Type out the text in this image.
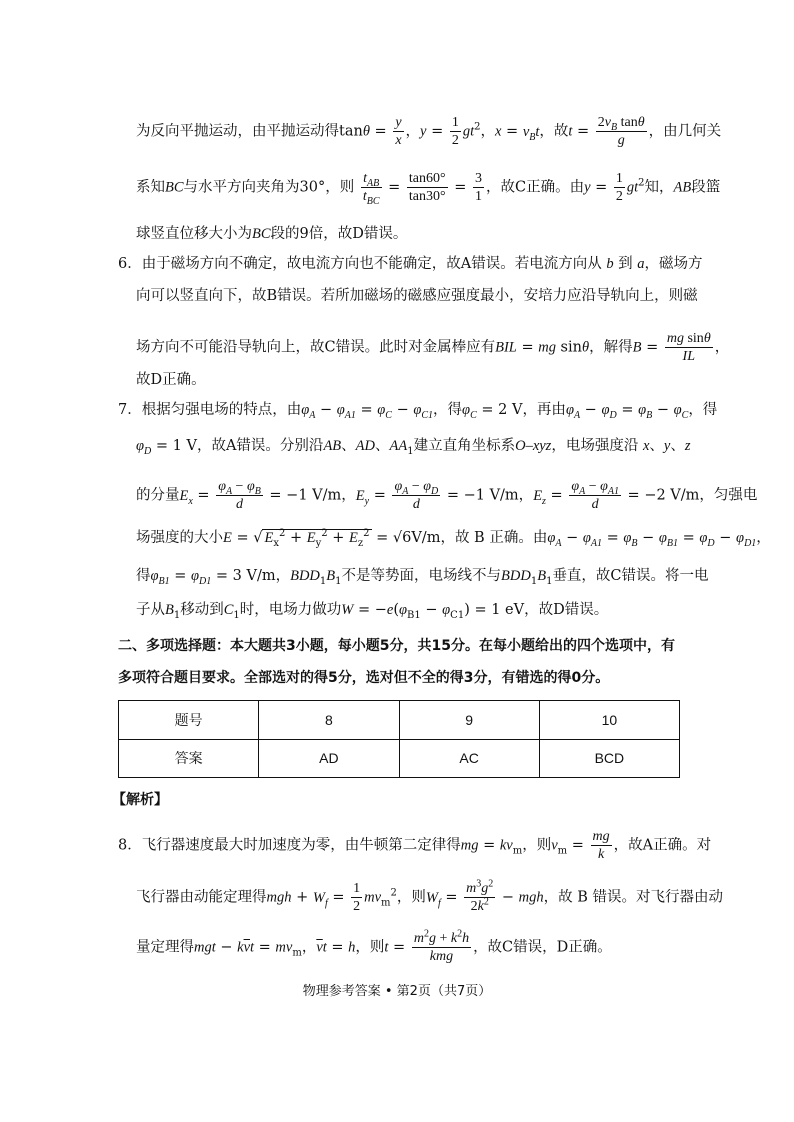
为反向平抛运动，由平抛运动得$\tan\theta = \frac{y}{x}$ ，$y = \frac{1}{2} gt^2$，$x = v_Bt$，故$t = \frac{2v_B \tan\theta}{g}$ ，由几何关
系知BC与水平方向夹角为30°，则 $\frac{t_{AB}}{t_{BC}} = \frac{\tan 60^\circ}{\tan 30^\circ} = \frac{3}{1}$ ，故C正确。由$y = \frac{1}{2} gt^2$知，AB段篮
球竖直位移大小为BC段的9倍，故D错误。
6．由于磁场方向不确定，故电流方向也不能确定，故A错误。若电流方向从 b 到 a，磁场方
向可以竖直向下，故B错误。若所加磁场的磁感应强度最小，安培力应沿导轨向上，则磁
场方向不可能沿导轨向上，故C错误。此时对金属棒应有BIL = mg sinθ，解得$B = \frac{\text{mg sinθ}}{IL}$ ，
故D正确。
7．根据匀强电场的特点，由$\varphi_A - \varphi_{A1} = \varphi_C - \varphi_{C1}$，得$\varphi_C = 2$ V，再由$\varphi_A - \varphi_D = \varphi_B - \varphi_C$，得
$\varphi_D = 1$ V，故A错误。分别沿AB、AD、$AA_1$建立直角坐标系O–xyz，电场强度沿 x、y、z
的分量$E_x = \frac{\varphi_A - \varphi_B}{d} = -1$ V/m，$E_y = \frac{\varphi_A - \varphi_D}{d} = -1$ V/m，$E_z = \frac{\varphi_A - \varphi_{A1}}{d} = -2$ V/m，匀强电
场强度的大小E = √ $E_x^2 + E_y^2 + E_z^2 = √6V/m$，故 B 正确。由$\varphi_A - \varphi_{A1} = \varphi_B - \varphi_{B1} = \varphi_D - \varphi_{D1}$，
得$\varphi_{B1} = \varphi_{D1} = 3$ V/m，$BDD_1B_1$不是等势面，电场线不与$BDD_1B_1$垂直，故C错误。将一电
子从$B_1$移动到$C_1$时，电场力做功$W = -e(\varphi_{B1} - \varphi_{C1}) = 1$ eV，故D错误。
二、多项选择题：本大题共3小题，每小题5分，共15分。在每小题给出的四个选项中，有
多项符合题目要求。全部选对的得5分，选对但不全的得3分，有错选的得0分。
题号	8	9	10
答案	AD	AC	BCD
【解析】
8．飞行器速度最大时加速度为零，由牛顿第二定律得mg = $kv_m$，则$v_m = \frac{mg}{k}$ ，故A正确。对
飞行器由动能定理得mgh + $W_f = \frac{1}{2} mv_m^2$，则$W_f = \frac{m^3g^2}{2k^2}$ − mgh，故 B 错误。对飞行器由动
量定理得mgt − $k\overline{v}t = mv_m$，$\overline{v}t = h$，则$t = \frac{m^2g + k^2h}{\text{kmg}}$ ，故C错误，D正确。
物理参考答案 • 第2页（共7页）
